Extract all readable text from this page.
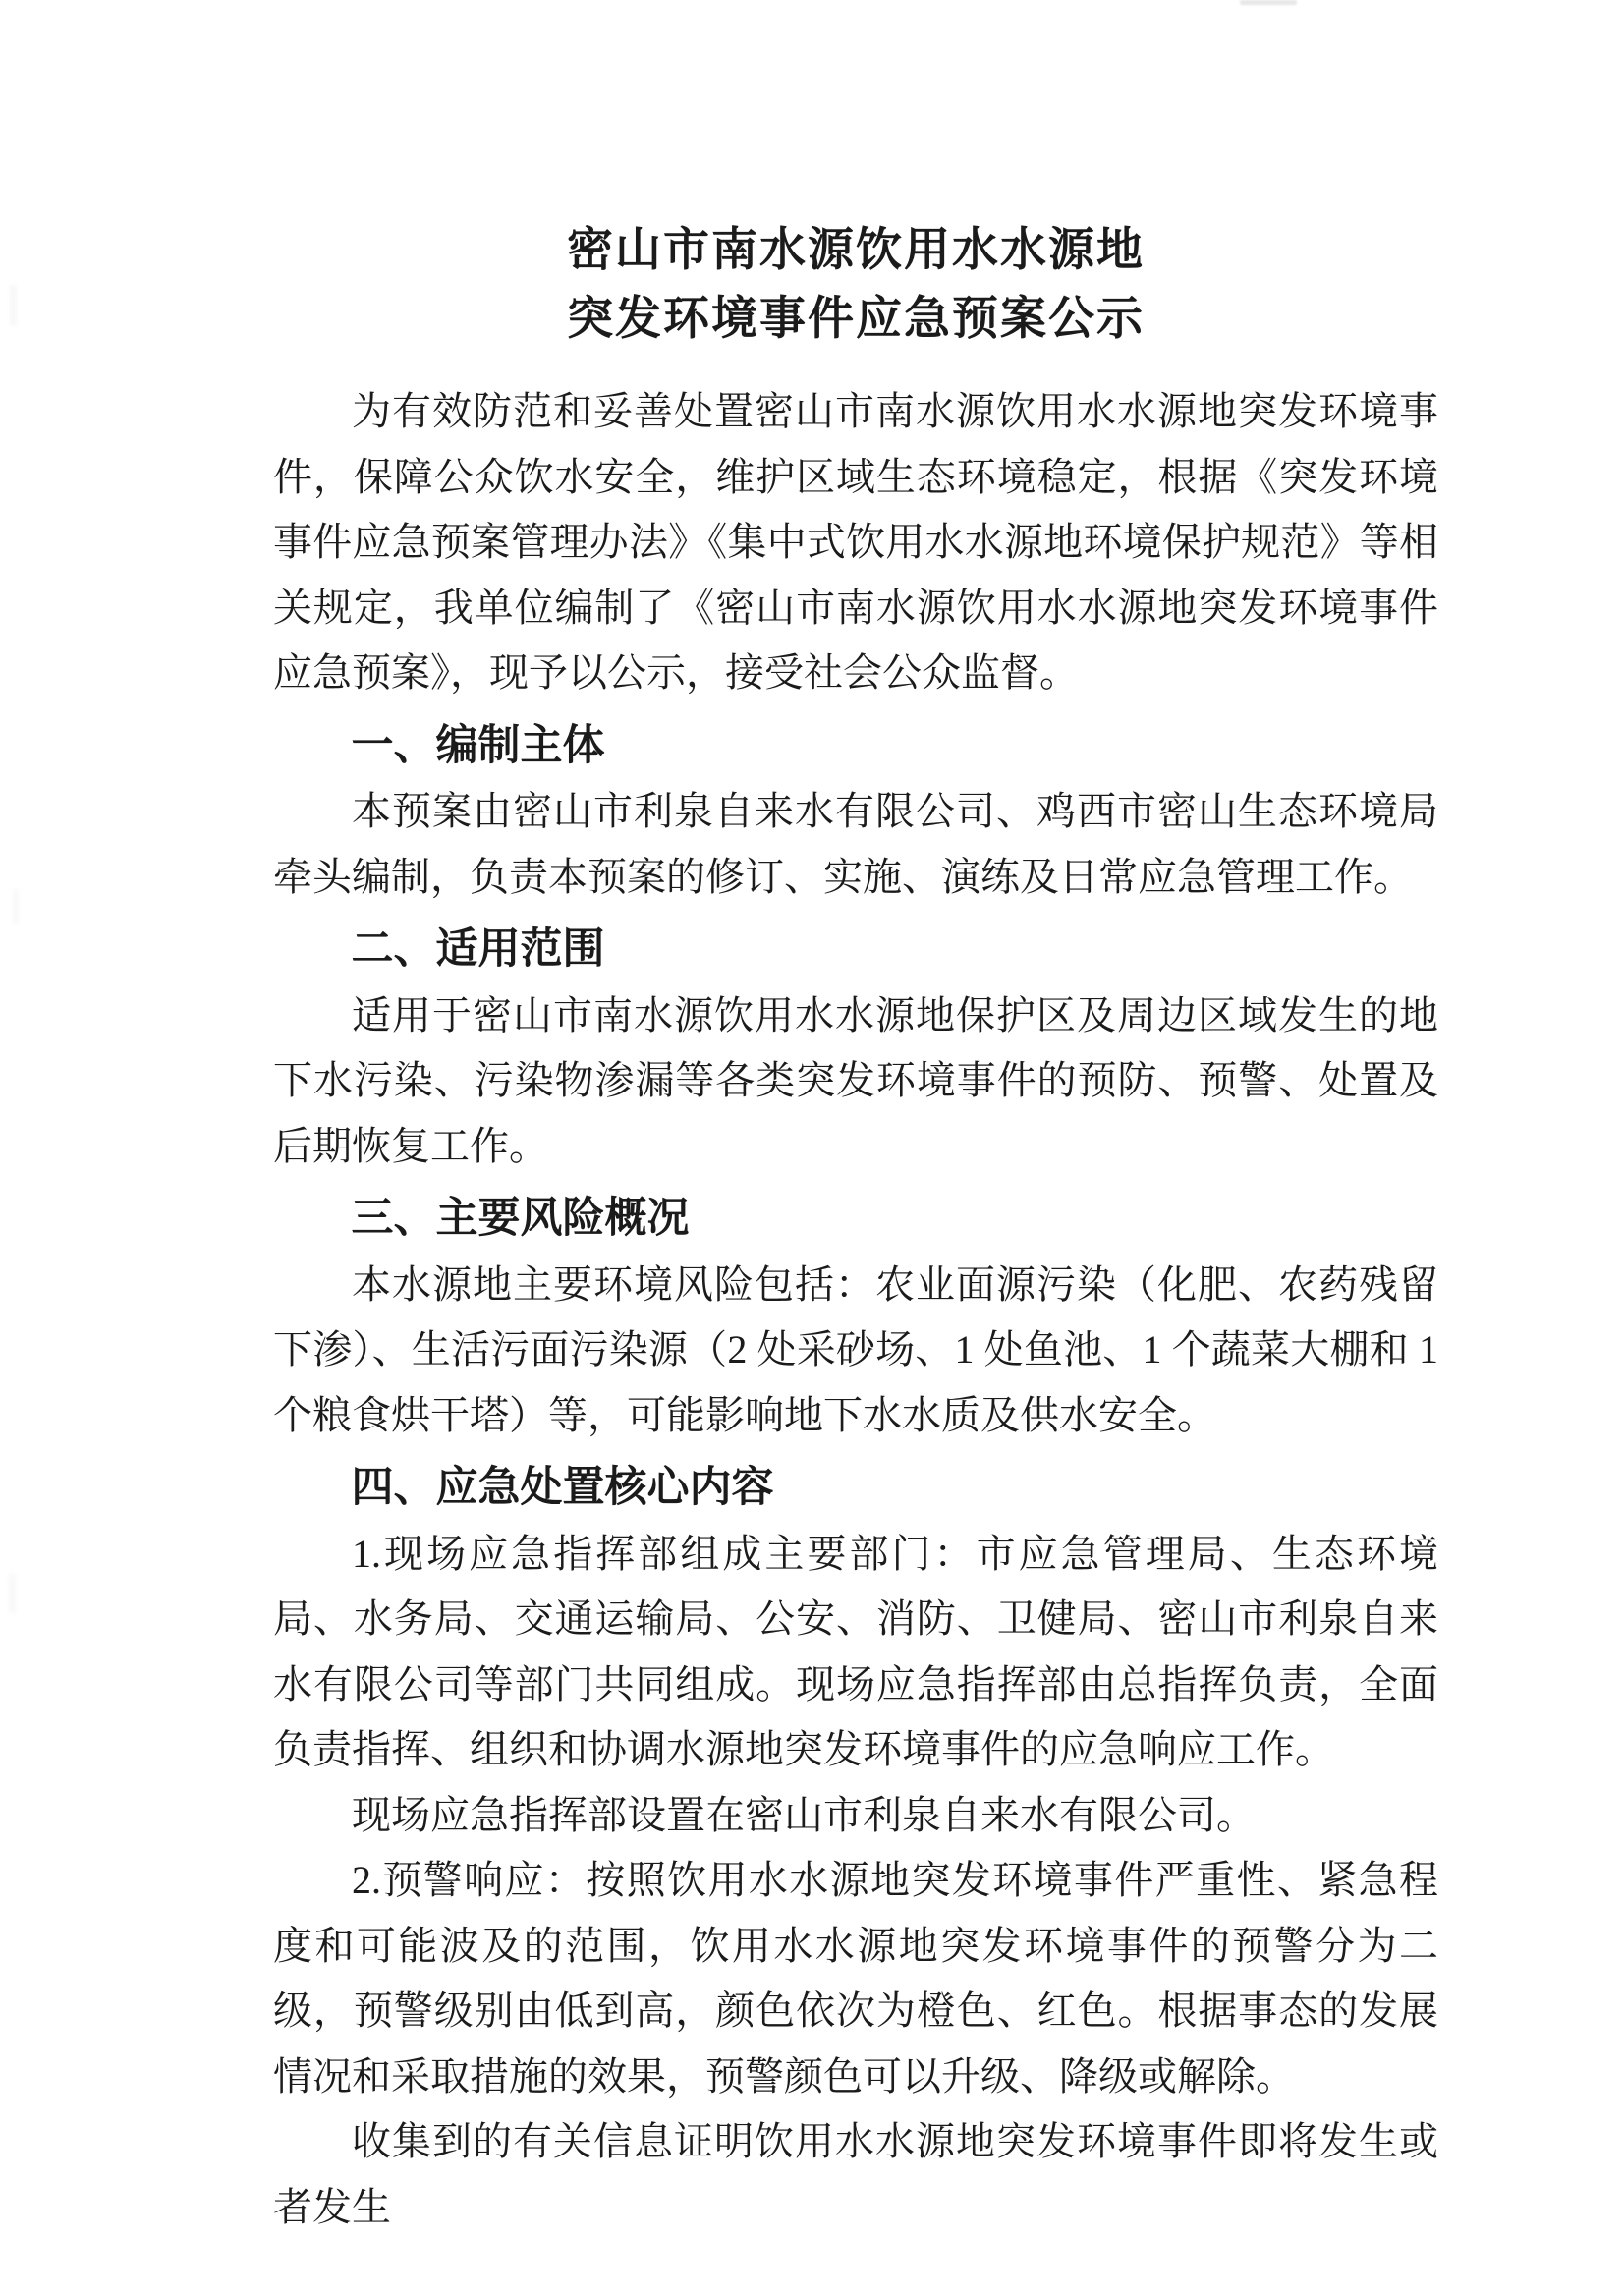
密山市南水源饮用水水源地
突发环境事件应急预案公示

为有效防范和妥善处置密山市南水源饮用水水源地突发环境事件，保障公众饮水安全，维护区域生态环境稳定，根据《突发环境事件应急预案管理办法》《集中式饮用水水源地环境保护规范》等相关规定，我单位编制了《密山市南水源饮用水水源地突发环境事件应急预案》，现予以公示，接受社会公众监督。

一、编制主体

本预案由密山市利泉自来水有限公司、鸡西市密山生态环境局牵头编制，负责本预案的修订、实施、演练及日常应急管理工作。

二、适用范围

适用于密山市南水源饮用水水源地保护区及周边区域发生的地下水污染、污染物渗漏等各类突发环境事件的预防、预警、处置及后期恢复工作。

三、主要风险概况

本水源地主要环境风险包括：农业面源污染（化肥、农药残留下渗）、生活污面污染源（2 处采砂场、1 处鱼池、1 个蔬菜大棚和 1 个粮食烘干塔）等，可能影响地下水水质及供水安全。

四、应急处置核心内容

1.现场应急指挥部组成主要部门：市应急管理局、生态环境局、水务局、交通运输局、公安、消防、卫健局、密山市利泉自来水有限公司等部门共同组成。现场应急指挥部由总指挥负责，全面负责指挥、组织和协调水源地突发环境事件的应急响应工作。

现场应急指挥部设置在密山市利泉自来水有限公司。

2.预警响应：按照饮用水水源地突发环境事件严重性、紧急程度和可能波及的范围，饮用水水源地突发环境事件的预警分为二级，预警级别由低到高，颜色依次为橙色、红色。根据事态的发展情况和采取措施的效果，预警颜色可以升级、降级或解除。

收集到的有关信息证明饮用水水源地突发环境事件即将发生或者发生
